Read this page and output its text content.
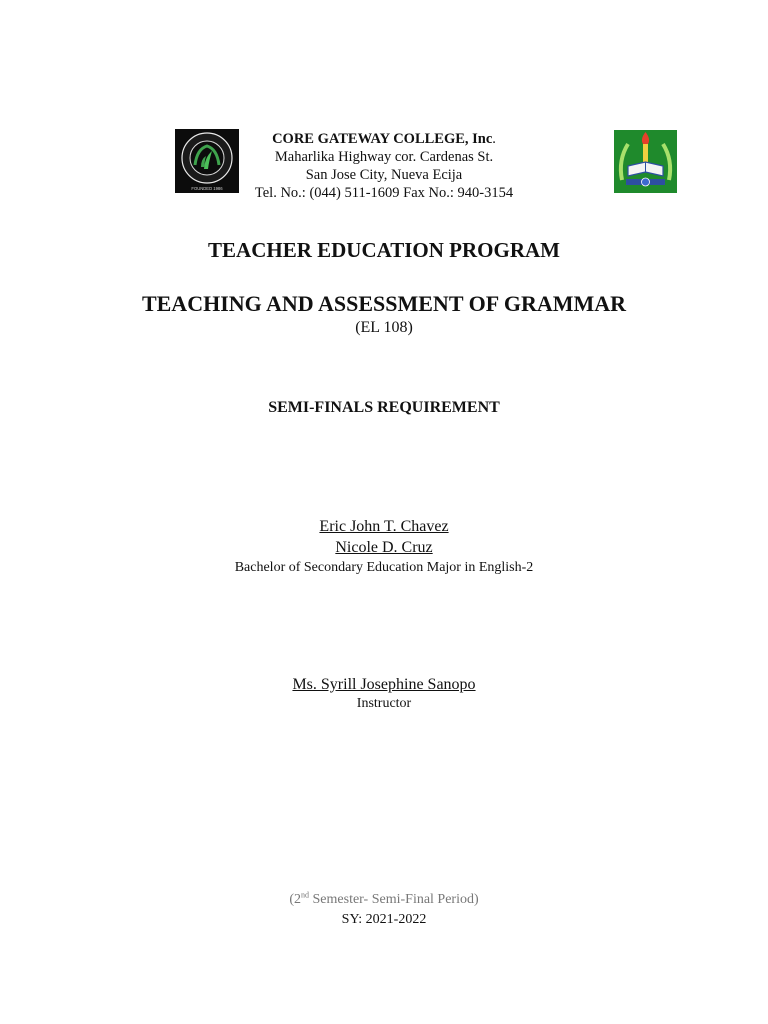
FOUNDED 1986
CORE GATEWAY COLLEGE, Inc.
Maharlika Highway cor. Cardenas St.
San Jose City, Nueva Ecija
Tel. No.: (044) 511-1609 Fax No.: 940-3154
TEACHER EDUCATION PROGRAM
TEACHING AND ASSESSMENT OF GRAMMAR
(EL 108)
SEMI-FINALS REQUIREMENT
Eric John T. Chavez
Nicole D. Cruz
Bachelor of Secondary Education Major in English-2
Ms. Syrill Josephine Sanopo
Instructor
(2nd Semester- Semi-Final Period)
SY: 2021-2022
